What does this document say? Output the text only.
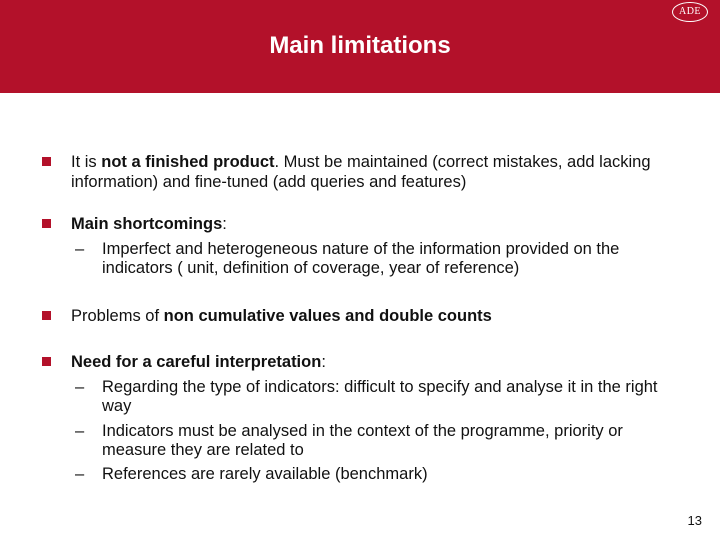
Main limitations
ADE
It is not a finished product. Must be maintained (correct mistakes, add lacking information) and fine-tuned (add queries and features)
Main shortcomings:
– Imperfect and heterogeneous nature of the information provided on the indicators ( unit, definition of coverage, year of reference)
Problems of non cumulative values and double counts
Need for a careful interpretation:
– Regarding the type of indicators: difficult to specify and analyse it in the right way
– Indicators must be analysed in the context of the programme, priority or measure they are related to
– References are rarely available (benchmark)
13
